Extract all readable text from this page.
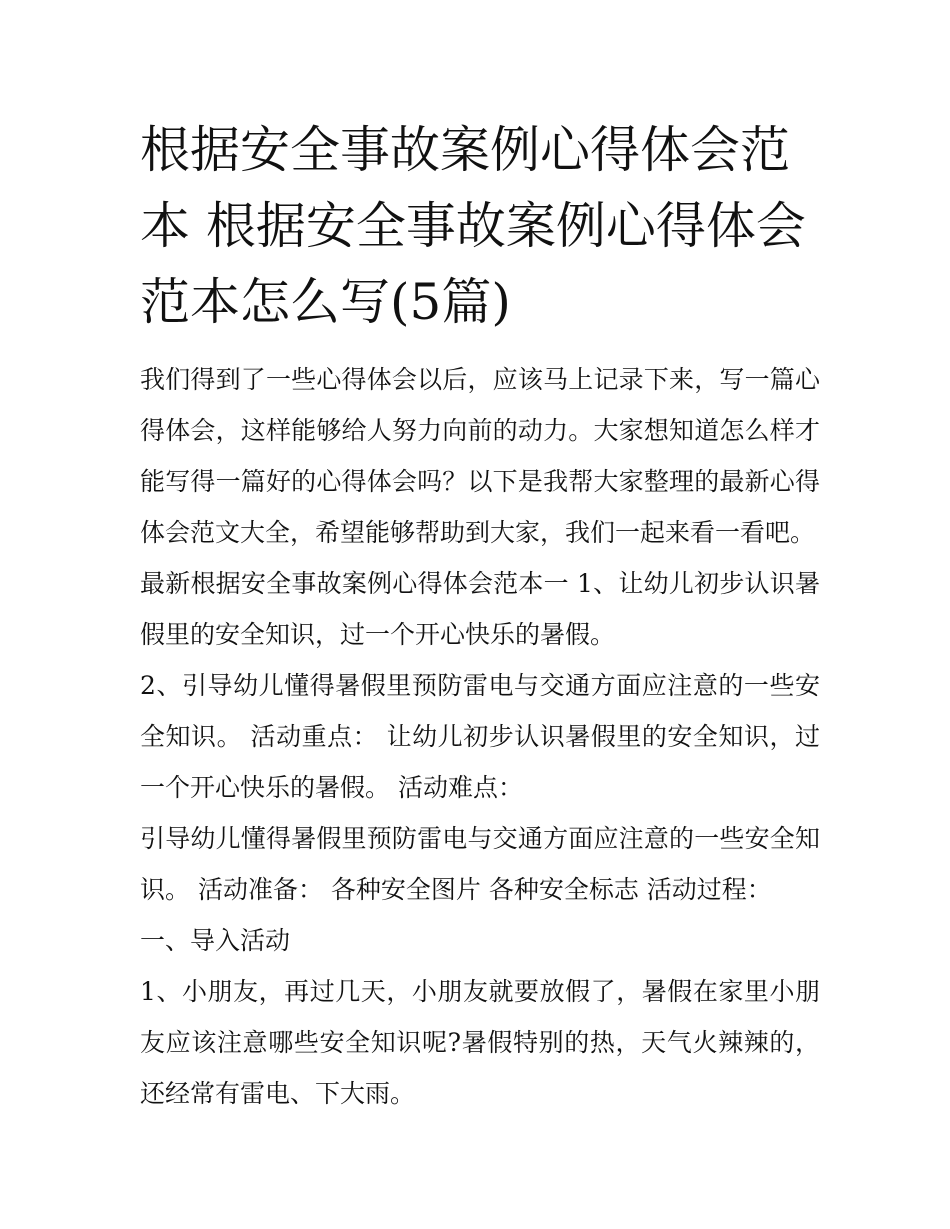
根据安全事故案例心得体会范本 根据安全事故案例心得体会范本怎么写(5篇)

我们得到了一些心得体会以后，应该马上记录下来，写一篇心得体会，这样能够给人努力向前的动力。大家想知道怎么样才能写得一篇好的心得体会吗？以下是我帮大家整理的最新心得体会范文大全，希望能够帮助到大家，我们一起来看一看吧。

最新根据安全事故案例心得体会范本一 1、让幼儿初步认识暑假里的安全知识，过一个开心快乐的暑假。

2、引导幼儿懂得暑假里预防雷电与交通方面应注意的一些安全知识。 活动重点： 让幼儿初步认识暑假里的安全知识，过一个开心快乐的暑假。 活动难点：

引导幼儿懂得暑假里预防雷电与交通方面应注意的一些安全知识。 活动准备： 各种安全图片 各种安全标志 活动过程：

一、导入活动

1、小朋友，再过几天，小朋友就要放假了，暑假在家里小朋友应该注意哪些安全知识呢?暑假特别的热，天气火辣辣的，还经常有雷电、下大雨。
